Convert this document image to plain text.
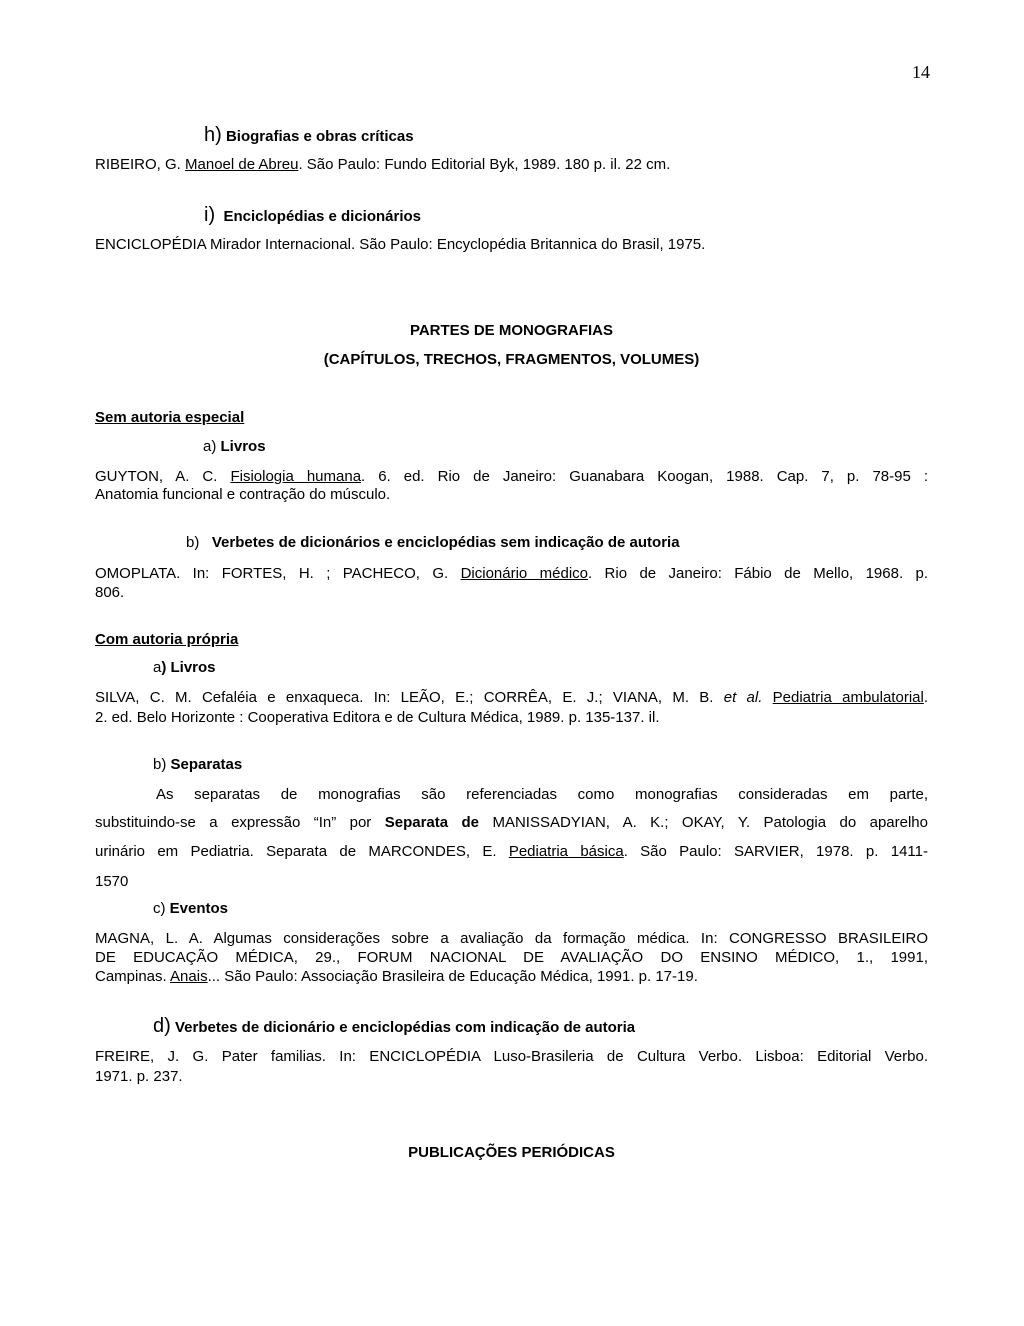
14
h) Biografias e obras críticas
RIBEIRO, G. Manoel de Abreu. São Paulo: Fundo Editorial Byk, 1989. 180 p. il. 22 cm.
i) Enciclopédias e dicionários
ENCICLOPÉDIA Mirador Internacional. São Paulo: Encyclopédia Britannica do Brasil, 1975.
PARTES DE MONOGRAFIAS
(CAPÍTULOS, TRECHOS, FRAGMENTOS, VOLUMES)
Sem autoria especial
a) Livros
GUYTON, A. C. Fisiologia humana. 6. ed. Rio de Janeiro: Guanabara Koogan, 1988. Cap. 7, p. 78-95 :
Anatomia funcional e contração do músculo.
b) Verbetes de dicionários e enciclopédias sem indicação de autoria
OMOPLATA. In: FORTES, H. ; PACHECO, G. Dicionário médico. Rio de Janeiro: Fábio de Mello, 1968. p.
806.
Com autoria própria
a) Livros
SILVA, C. M. Cefaléia e enxaqueca. In: LEÃO, E.; CORRÊA, E. J.; VIANA, M. B. et al. Pediatria ambulatorial.
2. ed. Belo Horizonte : Cooperativa Editora e de Cultura Médica, 1989. p. 135-137. il.
b) Separatas
As separatas de monografias são referenciadas como monografias consideradas em parte,
substituindo-se a expressão “In” por Separata de MANISSADYIAN, A. K.; OKAY, Y. Patologia do aparelho
urinário em Pediatria. Separata de MARCONDES, E. Pediatria básica. São Paulo: SARVIER, 1978. p. 1411-
1570
c) Eventos
MAGNA, L. A. Algumas considerações sobre a avaliação da formação médica. In: CONGRESSO BRASILEIRO
DE EDUCAÇÃO MÉDICA, 29., FORUM NACIONAL DE AVALIAÇÃO DO ENSINO MÉDICO, 1., 1991,
Campinas. Anais... São Paulo: Associação Brasileira de Educação Médica, 1991. p. 17-19.
d) Verbetes de dicionário e enciclopédias com indicação de autoria
FREIRE, J. G. Pater familias. In: ENCICLOPÉDIA Luso-Brasileria de Cultura Verbo. Lisboa: Editorial Verbo.
1971. p. 237.
PUBLICAÇÕES PERIÓDICAS
